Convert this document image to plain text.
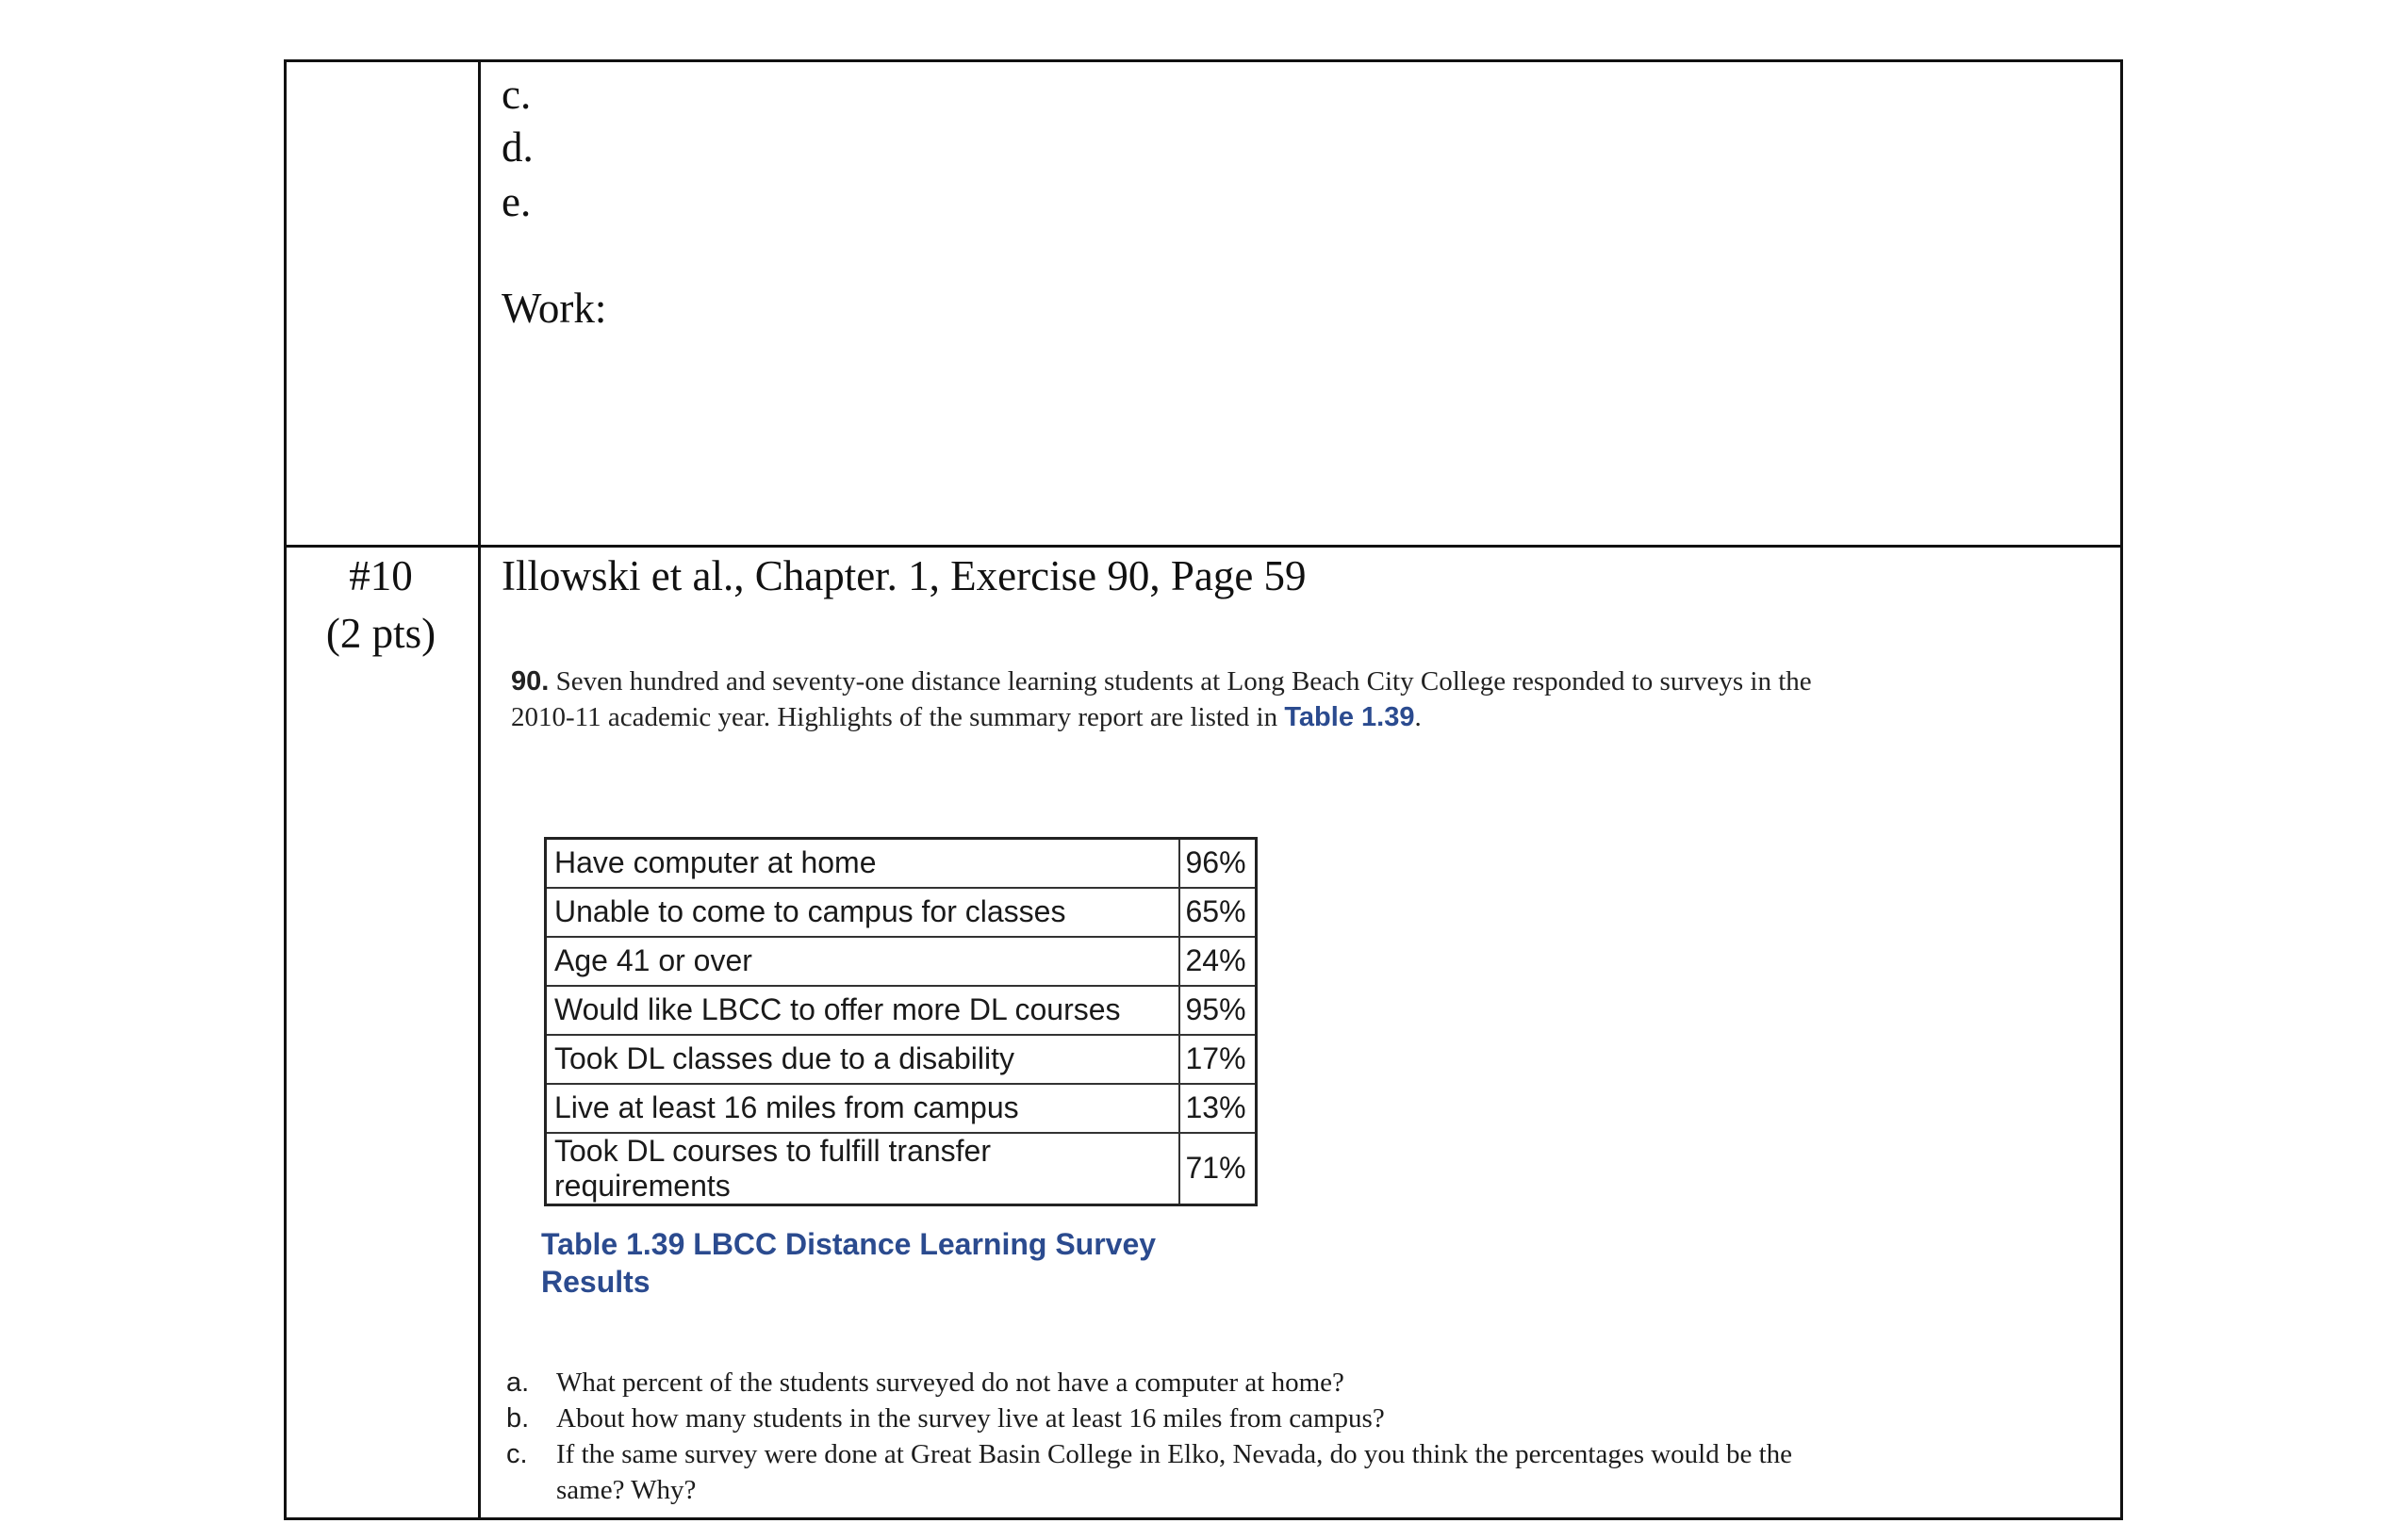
c.
d.
e.
Work:
#10
(2 pts)
Illowski et al., Chapter. 1, Exercise 90, Page 59
90. Seven hundred and seventy-one distance learning students at Long Beach City College responded to surveys in the
2010-11 academic year. Highlights of the summary report are listed in Table 1.39.
Have computer at home	96%
Unable to come to campus for classes	65%
Age 41 or over	24%
Would like LBCC to offer more DL courses	95%
Took DL classes due to a disability	17%
Live at least 16 miles from campus	13%
Took DL courses to fulfill transfer requirements	71%
Table 1.39 LBCC Distance Learning Survey
Results
a. What percent of the students surveyed do not have a computer at home?
b. About how many students in the survey live at least 16 miles from campus?
c.	If the same survey were done at Great Basin College in Elko, Nevada, do you think the percentages would be the
same? Why?
